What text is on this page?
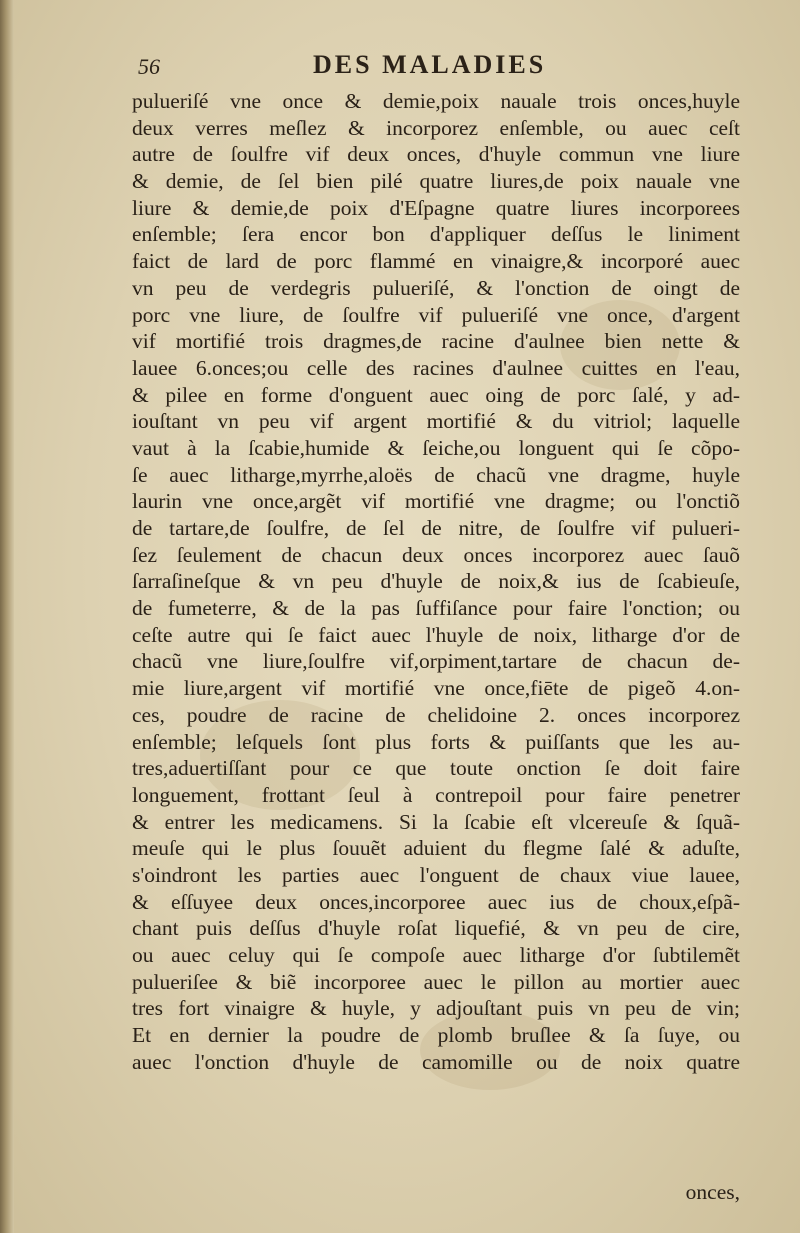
56	DES MALADIES
pulueriſé vne once & demie,poix nauale trois onces,huyle
deux verres meſlez & incorporez enſemble, ou auec ceſt
autre de ſoulfre vif deux onces, d'huyle commun vne liure
& demie, de ſel bien pilé quatre liures,de poix nauale vne
liure & demie,de poix d'Eſpagne quatre liures incorporees
enſemble; ſera encor bon d'appliquer deſſus le liniment
faict de lard de porc flammé en vinaigre,& incorporé auec
vn peu de verdegris pulueriſé, & l'onction de oingt de
porc vne liure, de ſoulfre vif pulueriſé vne once, d'argent
vif mortifié trois dragmes,de racine d'aulnee bien nette &
lauee 6.onces;ou celle des racines d'aulnee cuittes en l'eau,
& pilee en forme d'onguent auec oing de porc ſalé, y ad-
iouſtant vn peu vif argent mortifié & du vitriol; laquelle
vaut à la ſcabie,humide & ſeiche,ou longuent qui ſe cõpo-
ſe auec litharge,myrrhe,aloës de chacũ vne dragme, huyle
laurin vne once,argẽt vif mortifié vne dragme; ou l'onctiõ
de tartare,de ſoulfre, de ſel de nitre, de ſoulfre vif pulueri-
ſez ſeulement de chacun deux onces incorporez auec ſauõ
ſarraſineſque & vn peu d'huyle de noix,& ius de ſcabieuſe,
de fumeterre, & de la pas ſuffiſance pour faire l'onction; ou
ceſte autre qui ſe faict auec l'huyle de noix, litharge d'or de
chacũ vne liure,ſoulfre vif,orpiment,tartare de chacun de-
mie liure,argent vif mortifié vne once,fiēte de pigeõ 4.on-
ces, poudre de racine de chelidoine 2. onces incorporez
enſemble; leſquels ſont plus forts & puiſſants que les au-
tres,aduertiſſant pour ce que toute onction ſe doit faire
longuement, frottant ſeul à contrepoil pour faire penetrer
& entrer les medicamens. Si la ſcabie eſt vlcereuſe & ſquã-
meuſe qui le plus ſouuẽt aduient du flegme ſalé & aduſte,
s'oindront les parties auec l'onguent de chaux viue lauee,
& eſſuyee deux onces,incorporee auec ius de choux,eſpã-
chant puis deſſus d'huyle roſat liquefié, & vn peu de cire,
ou auec celuy qui ſe compoſe auec litharge d'or ſubtilemẽt
pulueriſee & biẽ incorporee auec le pillon au mortier auec
tres fort vinaigre & huyle, y adjouſtant puis vn peu de vin;
Et en dernier la poudre de plomb bruſlee & ſa ſuye, ou
auec l'onction d'huyle de camomille ou de noix quatre
onces,
